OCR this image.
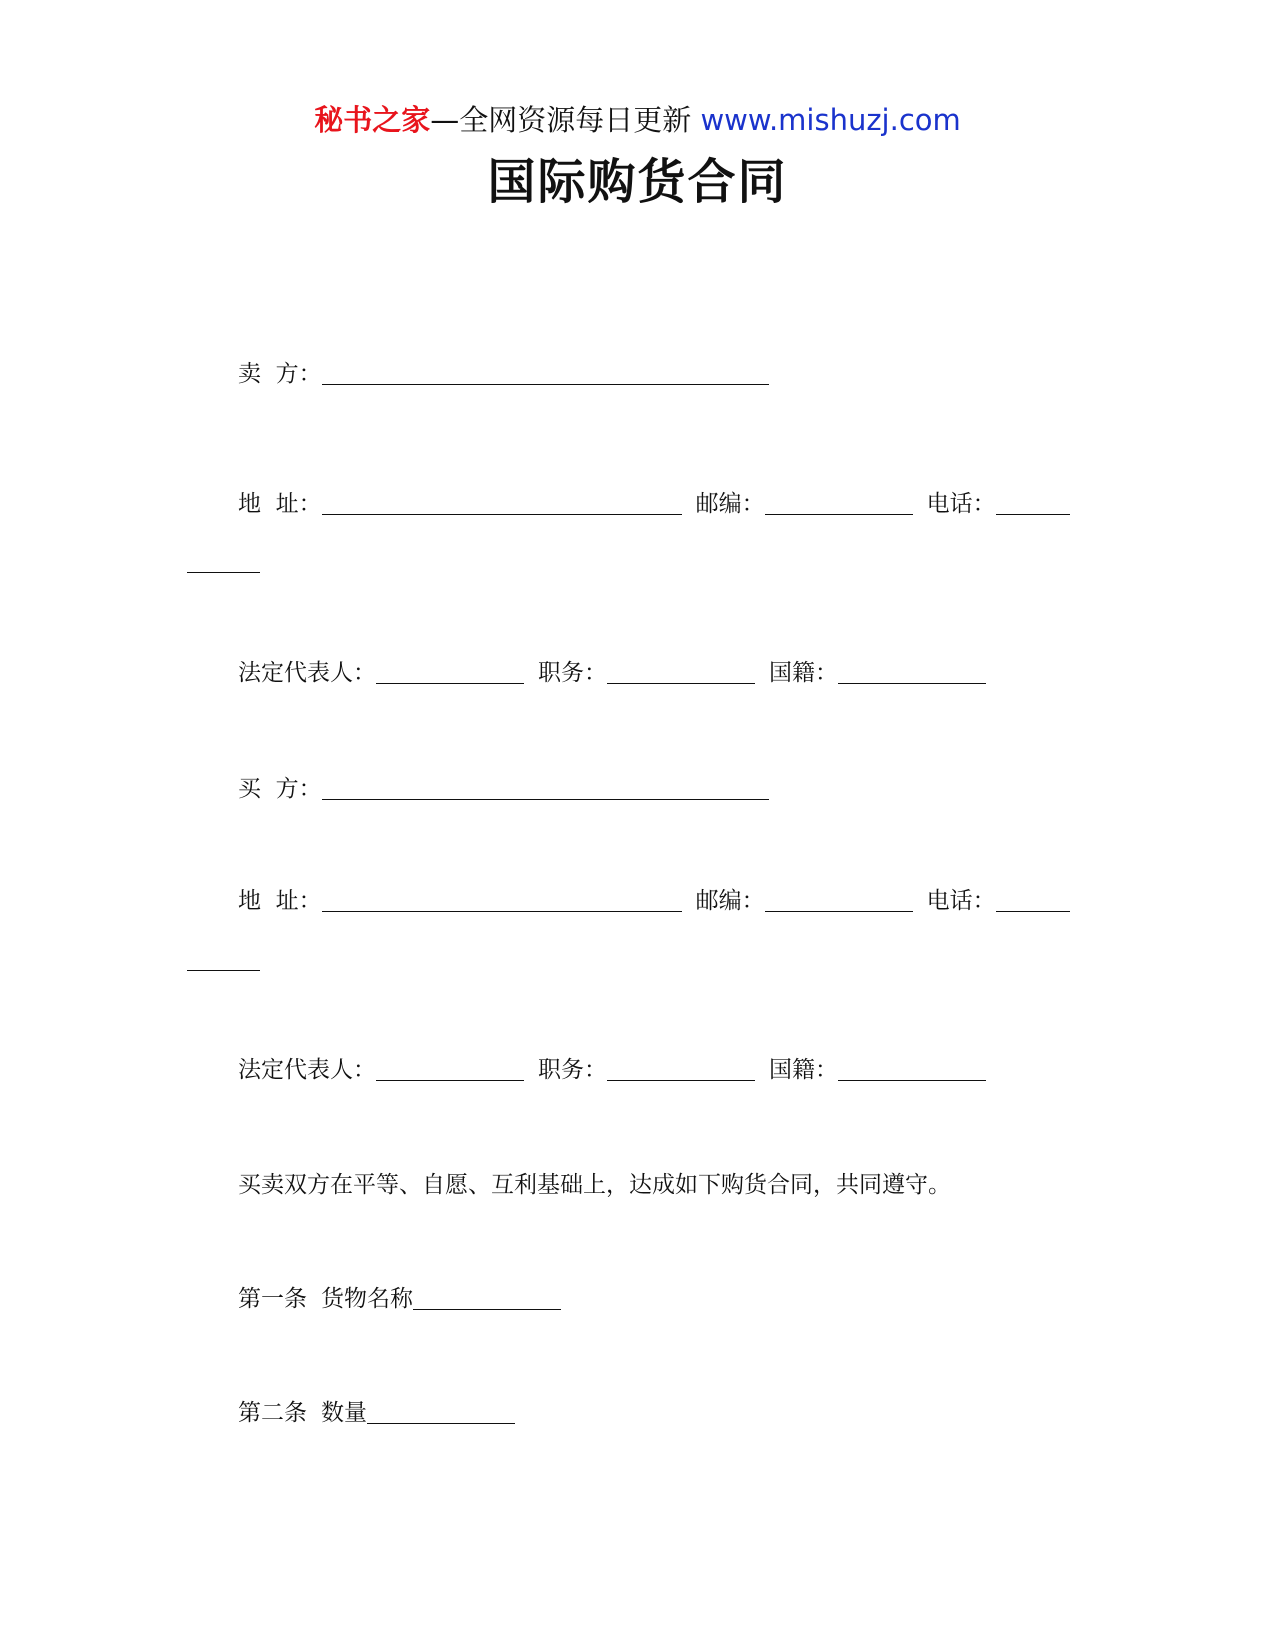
秘书之家—全网资源每日更新 www.mishuzj.com
国际购货合同
卖  方：
地  址：	邮编：	电话：
法定代表人：	职务：	国籍：
买  方：
地  址：	邮编：	电话：
法定代表人：	职务：	国籍：
买卖双方在平等、自愿、互利基础上，达成如下购货合同，共同遵守。
第一条 货物名称
第二条 数量
